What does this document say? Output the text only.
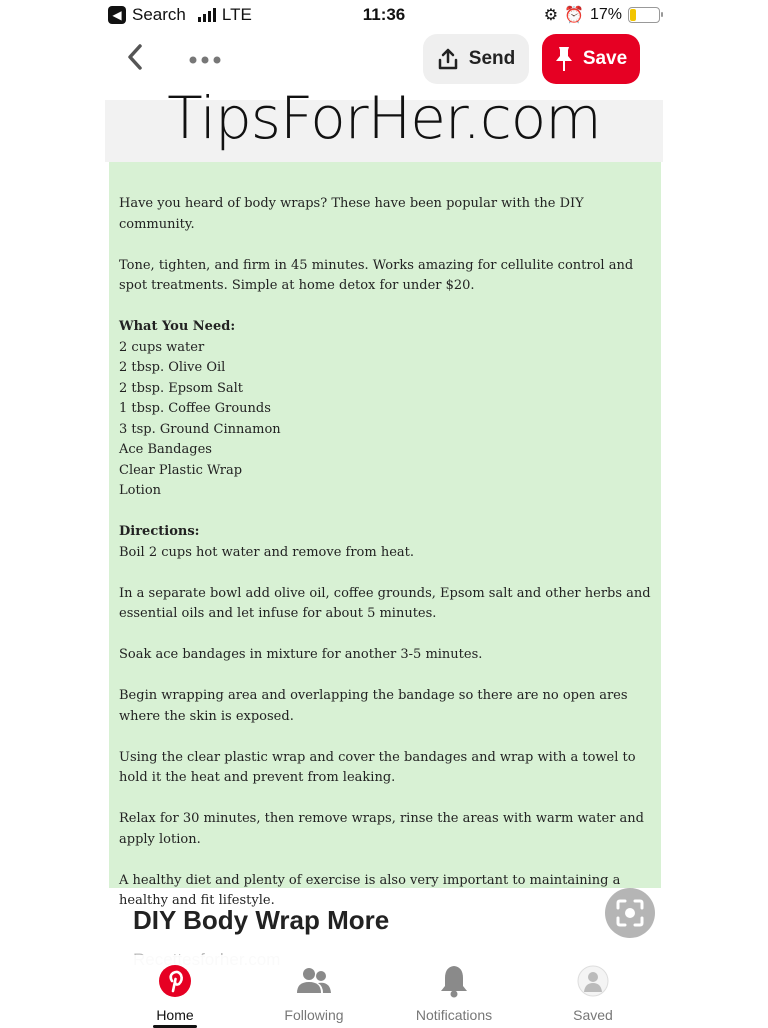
◀ Search LTE	11:36	⚙ ⏰ 17%
Send	Save
TipsForHer.com

Have you heard of body wraps? These have been popular with the DIY community.

Tone, tighten, and firm in 45 minutes. Works amazing for cellulite control and spot treatments. Simple at home detox for under $20.

What You Need:
2 cups water
2 tbsp. Olive Oil
2 tbsp. Epsom Salt
1 tbsp. Coffee Grounds
3 tsp. Ground Cinnamon
Ace Bandages
Clear Plastic Wrap

Lotion

Directions:

Boil 2 cups hot water and remove from heat.

In a separate bowl add olive oil, coffee grounds, Epsom salt and other herbs and essential oils and let infuse for about 5 minutes.

Soak ace bandages in mixture for another 3-5 minutes.

Begin wrapping area and overlapping the bandage so there are no open ares where the skin is exposed.

Using the clear plastic wrap and cover the bandages and wrap with a towel to hold it the heat and prevent from leaking.

Relax for 30 minutes, then remove wraps, rinse the areas with warm water and apply lotion.

A healthy diet and plenty of exercise is also very important to maintaining a healthy and fit lifestyle.

DIY Body Wrap More
Home	Following	Notifications	Saved
